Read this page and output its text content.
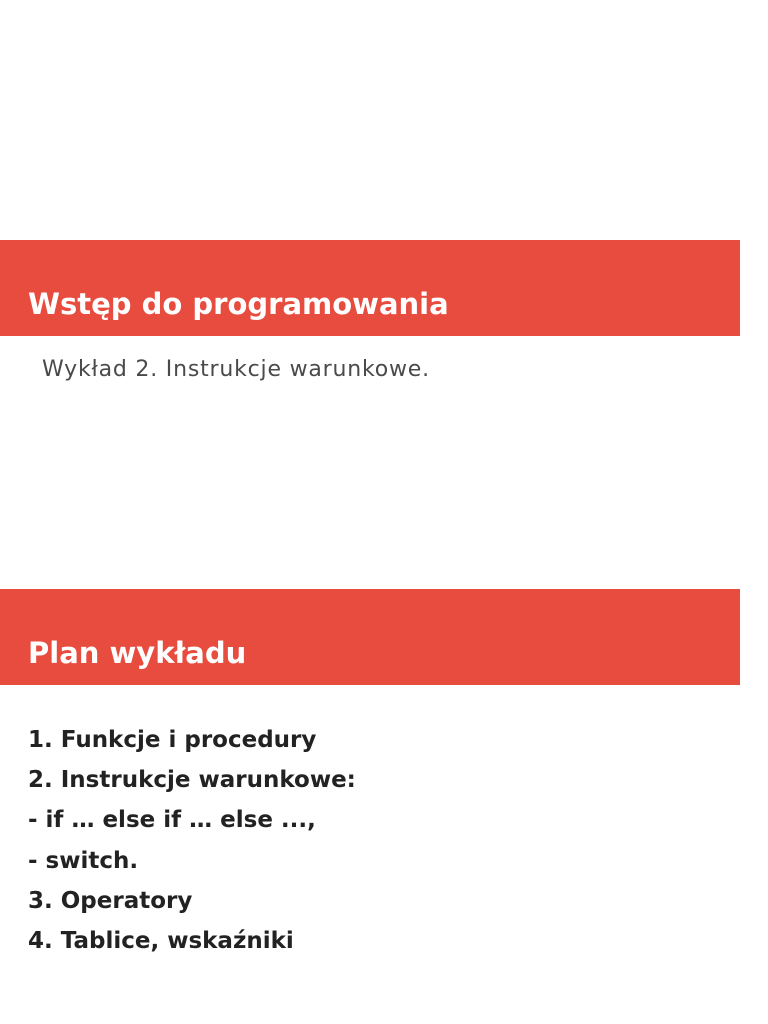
Wstęp do programowania

Wykład 2. Instrukcje warunkowe.

Plan wykładu
1. Funkcje i procedury
2. Instrukcje warunkowe:
- if … else if … else ...,
- switch.
3. Operatory
4. Tablice, wskaźniki
